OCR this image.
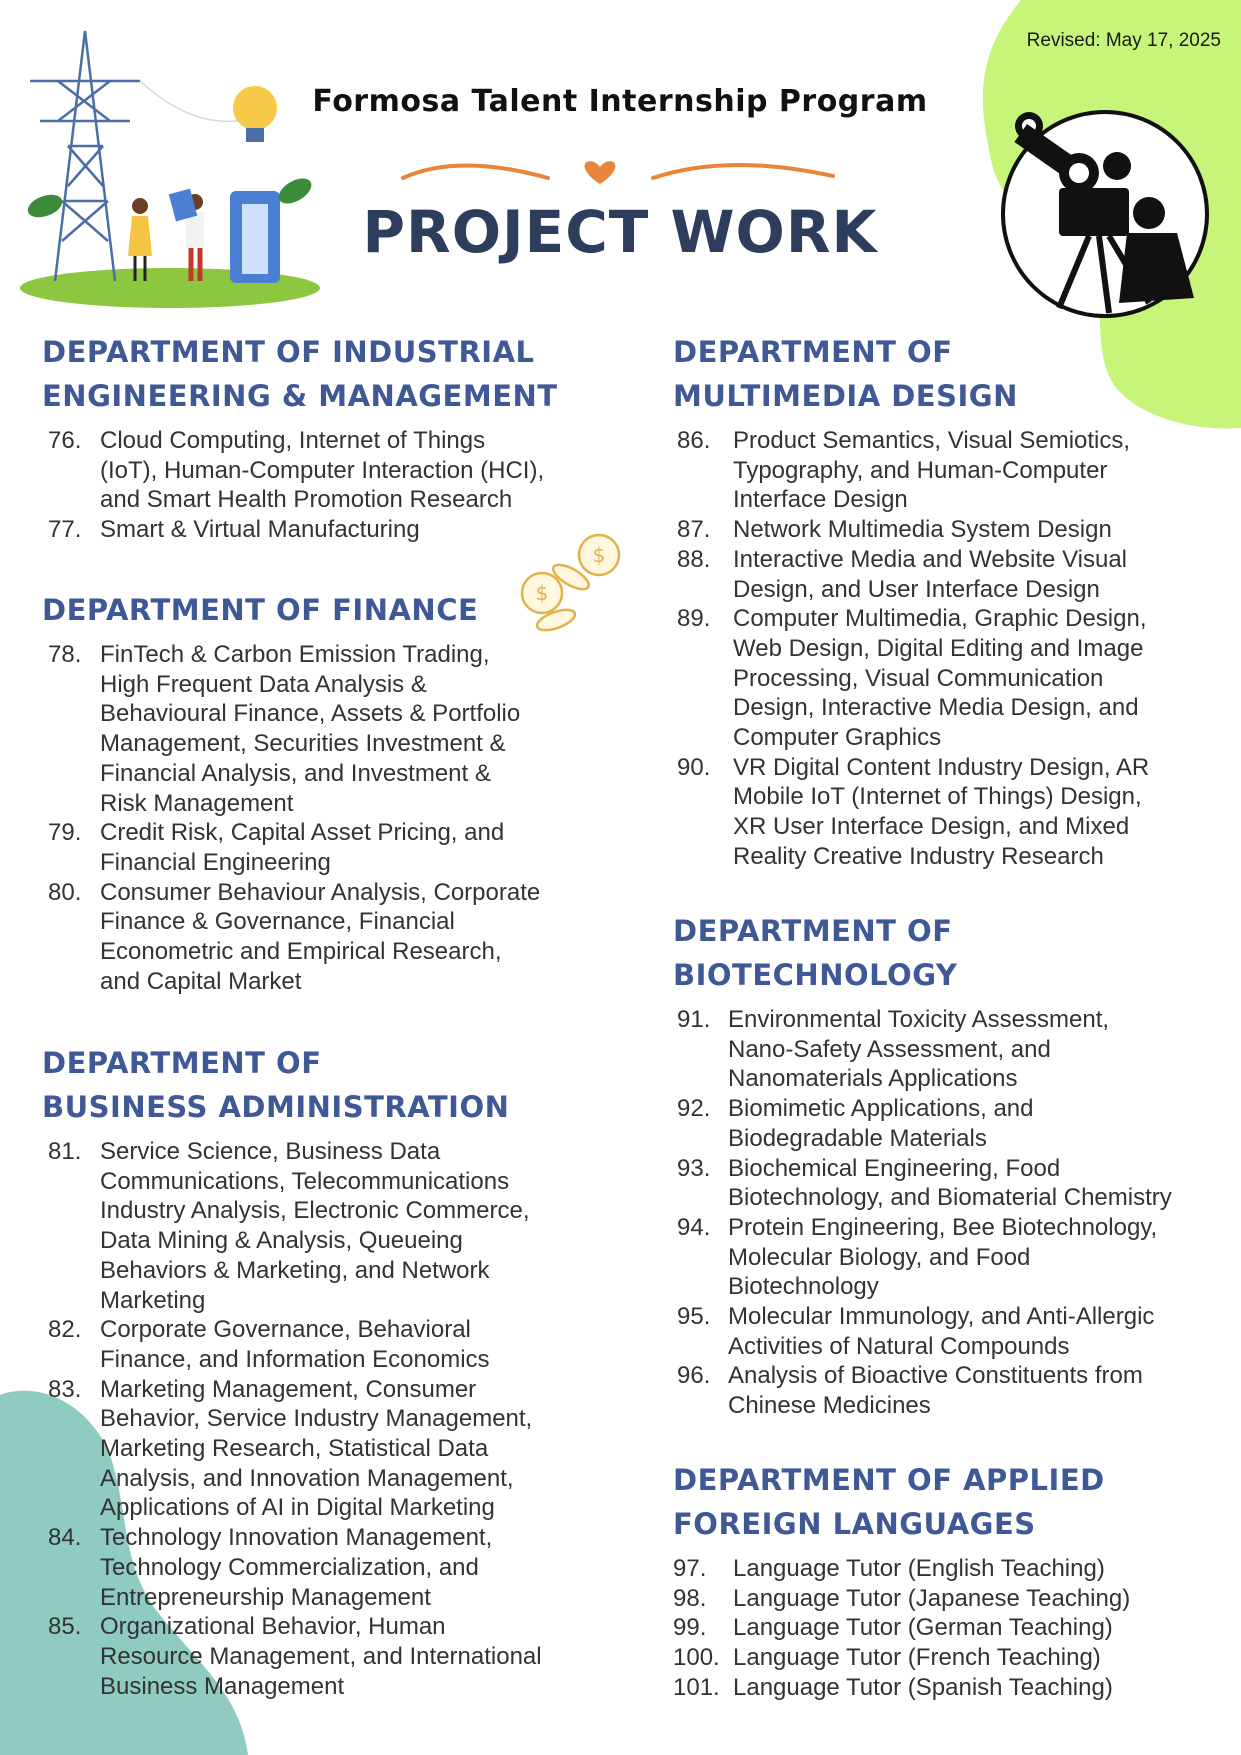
Revised: May 17, 2025
Formosa Talent Internship Program
PROJECT WORK
$
$
DEPARTMENT OF INDUSTRIAL
ENGINEERING & MANAGEMENT
76. Cloud Computing, Internet of Things
(IoT), Human-Computer Interaction (HCI),
and Smart Health Promotion Research
77. Smart & Virtual Manufacturing
DEPARTMENT OF FINANCE
78. FinTech & Carbon Emission Trading,
High Frequent Data Analysis &
Behavioural Finance, Assets & Portfolio
Management, Securities Investment &
Financial Analysis, and Investment &
Risk Management
79. Credit Risk, Capital Asset Pricing, and
Financial Engineering
80. Consumer Behaviour Analysis, Corporate
Finance & Governance, Financial
Econometric and Empirical Research,
and Capital Market
DEPARTMENT OF
BUSINESS ADMINISTRATION
81. Service Science, Business Data
Communications, Telecommunications
Industry Analysis, Electronic Commerce,
Data Mining & Analysis, Queueing
Behaviors & Marketing, and Network
Marketing
82. Corporate Governance, Behavioral
Finance, and Information Economics
83. Marketing Management, Consumer
Behavior, Service Industry Management,
Marketing Research, Statistical Data
Analysis, and Innovation Management,
Applications of AI in Digital Marketing
84. Technology Innovation Management,
Technology Commercialization, and
Entrepreneurship Management
85. Organizational Behavior, Human
Resource Management, and International
Business Management
DEPARTMENT OF
MULTIMEDIA DESIGN
86. Product Semantics, Visual Semiotics,
Typography, and Human-Computer
Interface Design
87. Network Multimedia System Design
88. Interactive Media and Website Visual
Design, and User Interface Design
89. Computer Multimedia, Graphic Design,
Web Design, Digital Editing and Image
Processing, Visual Communication
Design, Interactive Media Design, and
Computer Graphics
90. VR Digital Content Industry Design, AR
Mobile IoT (Internet of Things) Design,
XR User Interface Design, and Mixed
Reality Creative Industry Research
DEPARTMENT OF
BIOTECHNOLOGY
91. Environmental Toxicity Assessment,
Nano-Safety Assessment, and
Nanomaterials Applications
92. Biomimetic Applications, and
Biodegradable Materials
93. Biochemical Engineering, Food
Biotechnology, and Biomaterial Chemistry
94. Protein Engineering, Bee Biotechnology,
Molecular Biology, and Food
Biotechnology
95. Molecular Immunology, and Anti-Allergic
Activities of Natural Compounds
96. Analysis of Bioactive Constituents from
Chinese Medicines
DEPARTMENT OF APPLIED
FOREIGN LANGUAGES
97. Language Tutor (English Teaching)
98. Language Tutor (Japanese Teaching)
99. Language Tutor (German Teaching)
100. Language Tutor (French Teaching)
101. Language Tutor (Spanish Teaching)
